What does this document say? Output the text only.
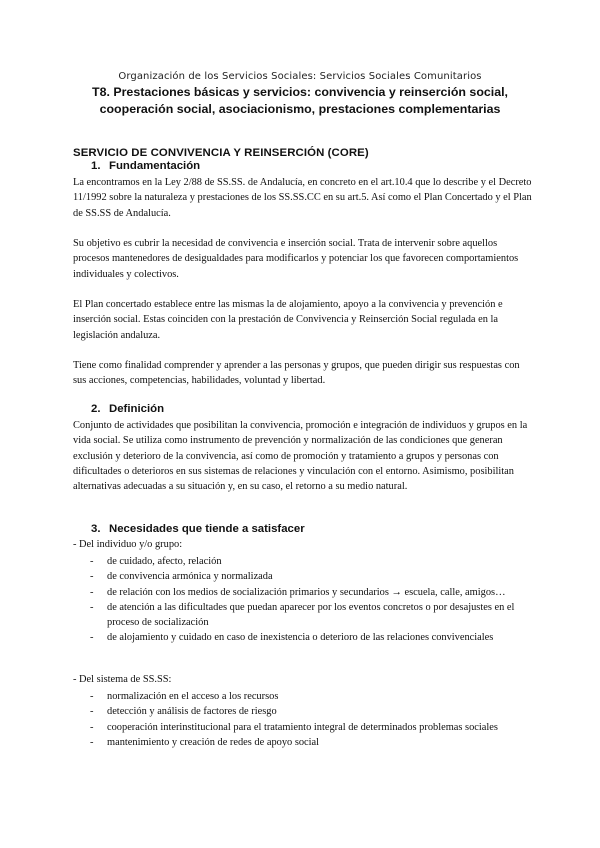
Organización de los Servicios Sociales: Servicios Sociales Comunitarios
T8. Prestaciones básicas y servicios: convivencia y reinserción social, cooperación social, asociacionismo, prestaciones complementarias
SERVICIO DE CONVIVENCIA Y REINSERCIÓN (CORE)
1. Fundamentación

La encontramos en la Ley 2/88 de SS.SS. de Andalucía, en concreto en el art.10.4 que lo describe y el Decreto 11/1992 sobre la naturaleza y prestaciones de los SS.SS.CC en su art.5. Así como el Plan Concertado y el Plan de SS.SS de Andalucía.

Su objetivo es cubrir la necesidad de convivencia e inserción social. Trata de intervenir sobre aquellos procesos mantenedores de desigualdades para modificarlos y potenciar los que favorecen comportamientos individuales y colectivos.

El Plan concertado establece entre las mismas la de alojamiento, apoyo a la convivencia y prevención e inserción social. Estas coinciden con la prestación de Convivencia y Reinserción Social regulada en la legislación andaluza.

Tiene como finalidad comprender y aprender a las personas y grupos, que pueden dirigir sus respuestas con sus acciones, competencias, habilidades, voluntad y libertad.

2. Definición

Conjunto de actividades que posibilitan la convivencia, promoción e integración de individuos y grupos en la vida social. Se utiliza como instrumento de prevención y normalización de las condiciones que generan exclusión y deterioro de la convivencia, así como de promoción y tratamiento a grupos y personas con dificultades o deterioros en sus sistemas de relaciones y vinculación con el entorno. Asimismo, posibilitan alternativas adecuadas a su situación y, en su caso, el retorno a su medio natural.

3. Necesidades que tiende a satisfacer
- Del individuo y/o grupo:
- de cuidado, afecto, relación
- de convivencia armónica y normalizada
- de relación con los medios de socialización primarios y secundarios → escuela, calle, amigos…
- de atención a las dificultades que puedan aparecer por los eventos concretos o por desajustes en el proceso de socialización
- de alojamiento y cuidado en caso de inexistencia o deterioro de las relaciones convivenciales
- Del sistema de SS.SS:
- normalización en el acceso a los recursos
- detección y análisis de factores de riesgo
- cooperación interinstitucional para el tratamiento integral de determinados problemas sociales
- mantenimiento y creación de redes de apoyo social
